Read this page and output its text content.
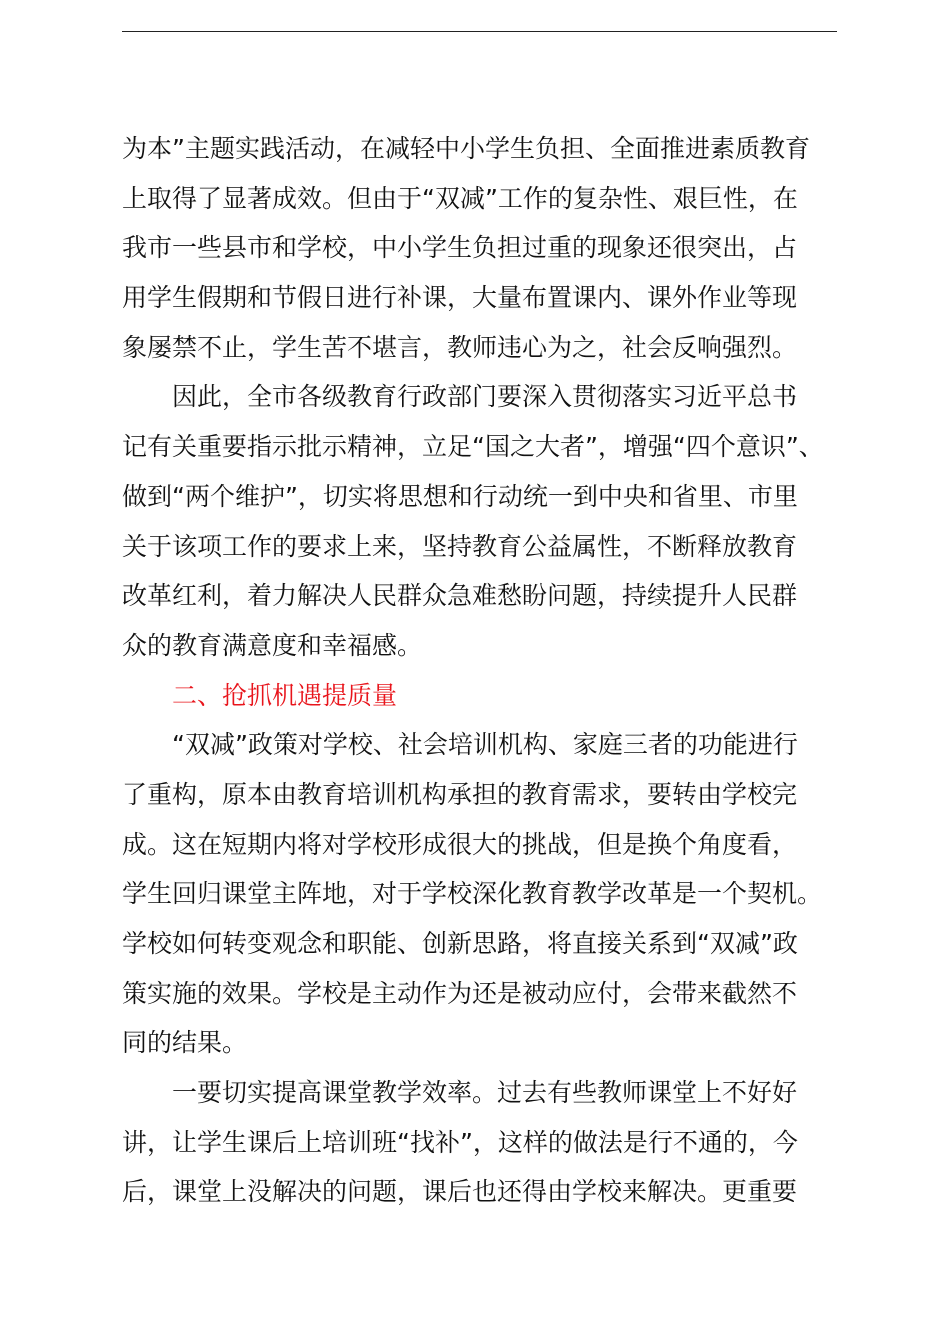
为本”主题实践活动，在减轻中小学生负担、全面推进素质教育
上取得了显著成效。但由于“双减”工作的复杂性、艰巨性，在
我市一些县市和学校，中小学生负担过重的现象还很突出，占
用学生假期和节假日进行补课，大量布置课内、课外作业等现
象屡禁不止，学生苦不堪言，教师违心为之，社会反响强烈。
因此，全市各级教育行政部门要深入贯彻落实习近平总书
记有关重要指示批示精神，立足“国之大者”，增强“四个意识”、
做到“两个维护”，切实将思想和行动统一到中央和省里、市里
关于该项工作的要求上来，坚持教育公益属性，不断释放教育
改革红利，着力解决人民群众急难愁盼问题，持续提升人民群
众的教育满意度和幸福感。
二、抢抓机遇提质量
“双减”政策对学校、社会培训机构、家庭三者的功能进行
了重构，原本由教育培训机构承担的教育需求，要转由学校完
成。这在短期内将对学校形成很大的挑战，但是换个角度看，
学生回归课堂主阵地，对于学校深化教育教学改革是一个契机。
学校如何转变观念和职能、创新思路，将直接关系到“双减”政
策实施的效果。学校是主动作为还是被动应付，会带来截然不
同的结果。
一要切实提高课堂教学效率。过去有些教师课堂上不好好
讲，让学生课后上培训班“找补”，这样的做法是行不通的，今
后，课堂上没解决的问题，课后也还得由学校来解决。更重要
